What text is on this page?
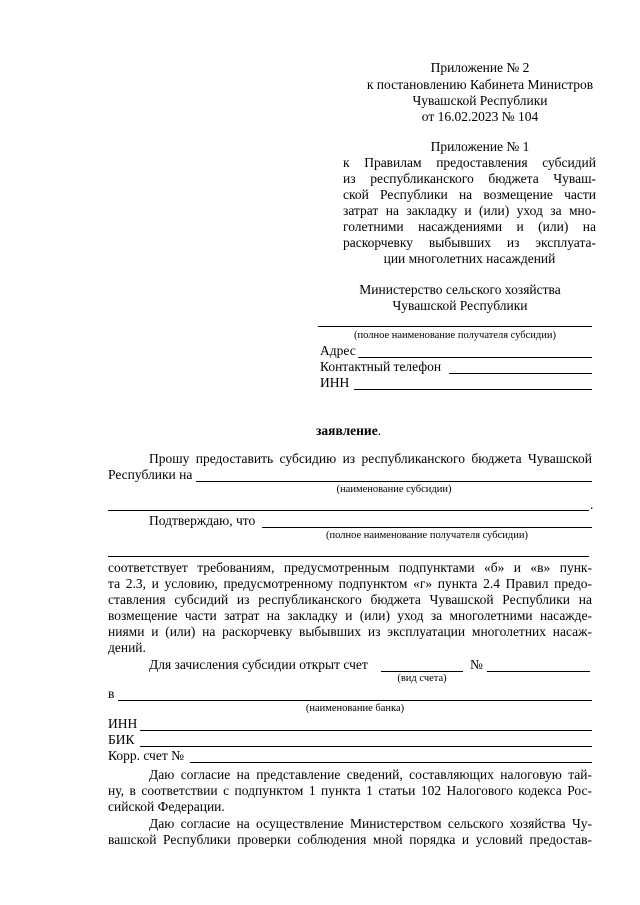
Приложение № 2
к постановлению Кабинета Министров
Чувашской Республики
от 16.02.2023 № 104
Приложение № 1
к Правилам предоставления субсидий
из республиканского бюджета Чуваш-
ской Республики на возмещение части
затрат на закладку и (или) уход за мно-
голетними насаждениями и (или) на
раскорчевку выбывших из эксплуата-
ции многолетних насаждений
Министерство сельского хозяйства
Чувашской Республики
(полное наименование получателя субсидии)
Адрес
Контактный телефон
ИНН
заявление.
Прошу предоставить субсидию из республиканского бюджета Чувашской
Республики на
(наименование субсидии)
.
Подтверждаю, что
(полное наименование получателя субсидии)
соответствует требованиям, предусмотренным подпунктами «б» и «в» пунк-
та 2.3, и условию, предусмотренному подпунктом «г» пункта 2.4 Правил предо-
ставления субсидий из республиканского бюджета Чувашской Республики на
возмещение части затрат на закладку и (или) уход за многолетними насажде-
ниями и (или) на раскорчевку выбывших из эксплуатации многолетних насаж-
дений.
Для зачисления субсидии открыт счет	№
(вид счета)
в
(наименование банка)
ИНН
БИК
Корр. счет №
Даю согласие на представление сведений, составляющих налоговую тай-
ну, в соответствии с подпунктом 1 пункта 1 статьи 102 Налогового кодекса Рос-
сийской Федерации.
Даю согласие на осуществление Министерством сельского хозяйства Чу-
вашской Республики проверки соблюдения мной порядка и условий предостав-
